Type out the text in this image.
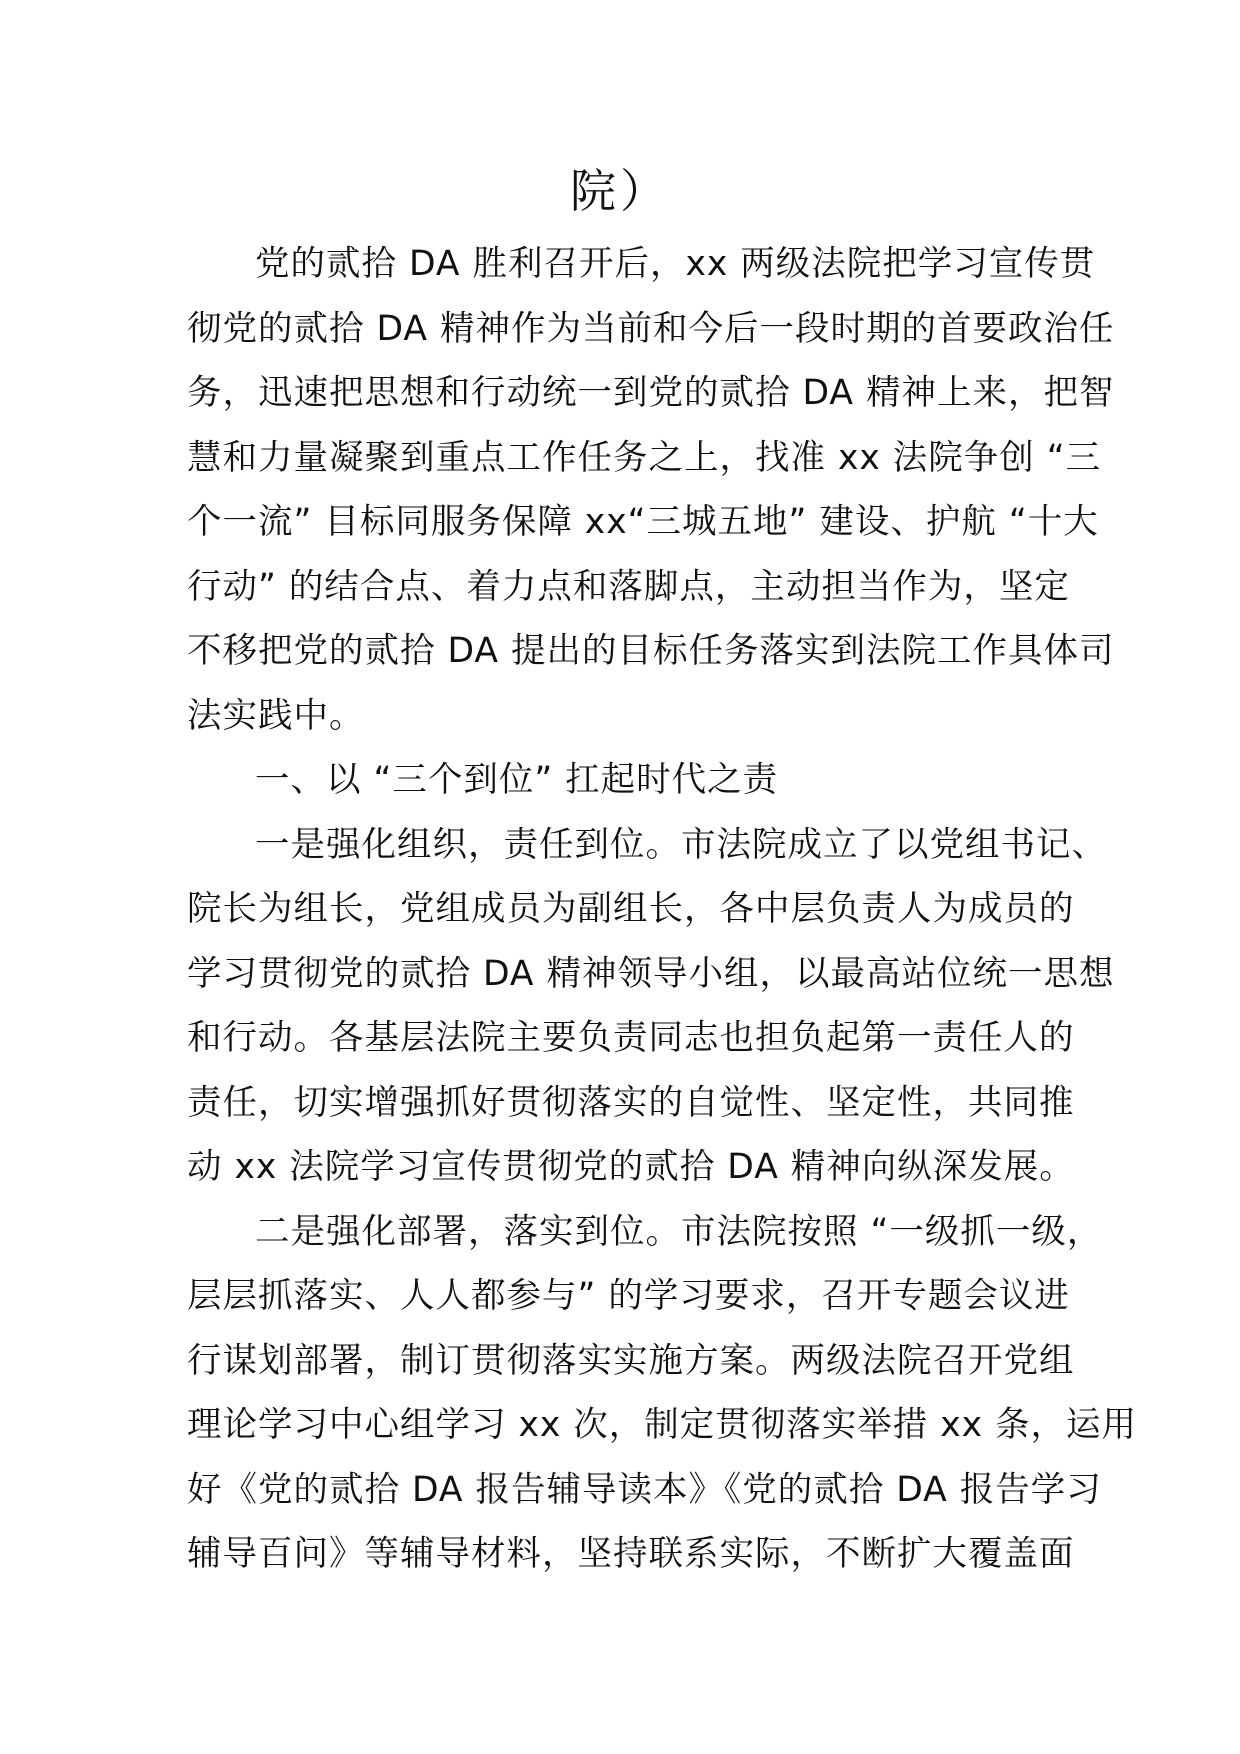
院）
党的贰拾 DA 胜利召开后，xx 两级法院把学习宣传贯
彻党的贰拾 DA 精神作为当前和今后一段时期的首要政治任
务，迅速把思想和行动统一到党的贰拾 DA 精神上来，把智
慧和力量凝聚到重点工作任务之上，找准 xx 法院争创 “三
个一流” 目标同服务保障 xx“三城五地” 建设、护航 “十大
行动” 的结合点、着力点和落脚点，主动担当作为，坚定
不移把党的贰拾 DA 提出的目标任务落实到法院工作具体司
法实践中。
一、以 “三个到位” 扛起时代之责
一是强化组织，责任到位。市法院成立了以党组书记、
院长为组长，党组成员为副组长，各中层负责人为成员的
学习贯彻党的贰拾 DA 精神领导小组，以最高站位统一思想
和行动。各基层法院主要负责同志也担负起第一责任人的
责任，切实增强抓好贯彻落实的自觉性、坚定性，共同推
动 xx 法院学习宣传贯彻党的贰拾 DA 精神向纵深发展。
二是强化部署，落实到位。市法院按照 “一级抓一级，
层层抓落实、人人都参与” 的学习要求，召开专题会议进
行谋划部署，制订贯彻落实实施方案。两级法院召开党组
理论学习中心组学习 xx 次，制定贯彻落实举措 xx 条，运用
好《党的贰拾 DA 报告辅导读本》《党的贰拾 DA 报告学习
辅导百问》等辅导材料，坚持联系实际，不断扩大覆盖面
